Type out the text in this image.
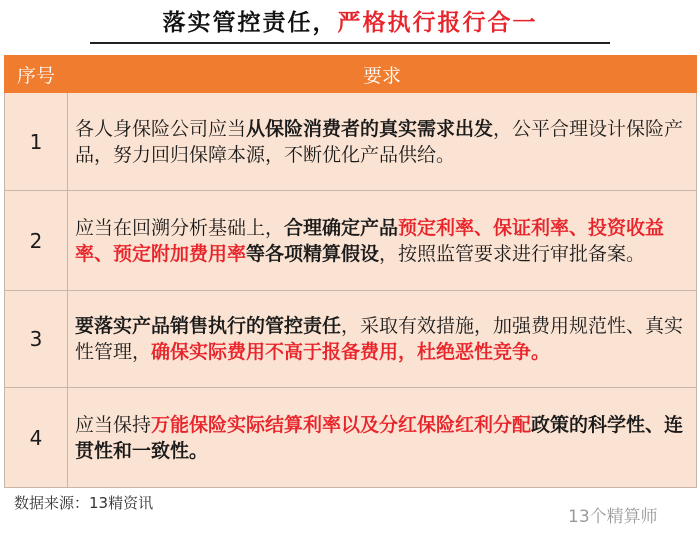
落实管控责任，严格执行报行合一
序号	要求
1	各人身保险公司应当从保险消费者的真实需求出发，公平合理设计保险产品，努力回归保障本源，不断优化产品供给。
2	应当在回溯分析基础上，合理确定产品预定利率、保证利率、投资收益率、预定附加费用率等各项精算假设，按照监管要求进行审批备案。
3	要落实产品销售执行的管控责任，采取有效措施，加强费用规范性、真实性管理，确保实际费用不高于报备费用，杜绝恶性竞争。
4	应当保持万能保险实际结算利率以及分红保险红利分配政策的科学性、连贯性和一致性。
数据来源：13精资讯
13个精算师
